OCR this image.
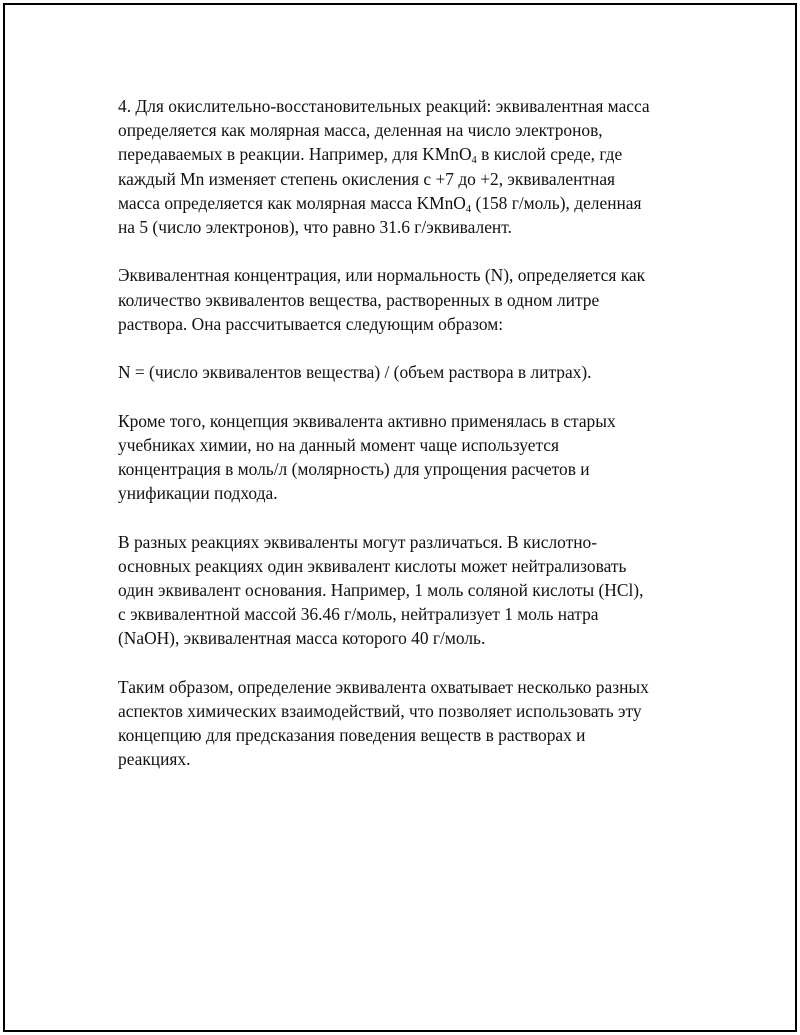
4. Для окислительно-восстановительных реакций: эквивалентная масса
определяется как молярная масса, деленная на число электронов,
передаваемых в реакции. Например, для KMnO$_4$ в кислой среде, где
каждый Mn изменяет степень окисления с +7 до +2, эквивалентная
масса определяется как молярная масса KMnO$_4$ (158 г/моль), деленная
на 5 (число электронов), что равно 31.6 г/эквивалент.

Эквивалентная концентрация, или нормальность (N), определяется как
количество эквивалентов вещества, растворенных в одном литре
раствора. Она рассчитывается следующим образом:

N = (число эквивалентов вещества) / (объем раствора в литрах).

Кроме того, концепция эквивалента активно применялась в старых
учебниках химии, но на данный момент чаще используется
концентрация в моль/л (молярность) для упрощения расчетов и
унификации подхода.

В разных реакциях эквиваленты могут различаться. В кислотно-
основных реакциях один эквивалент кислоты может нейтрализовать
один эквивалент основания. Например, 1 моль соляной кислоты (HCl),
с эквивалентной массой 36.46 г/моль, нейтрализует 1 моль натра
(NaOH), эквивалентная масса которого 40 г/моль.

Таким образом, определение эквивалента охватывает несколько разных
аспектов химических взаимодействий, что позволяет использовать эту
концепцию для предсказания поведения веществ в растворах и
реакциях.
